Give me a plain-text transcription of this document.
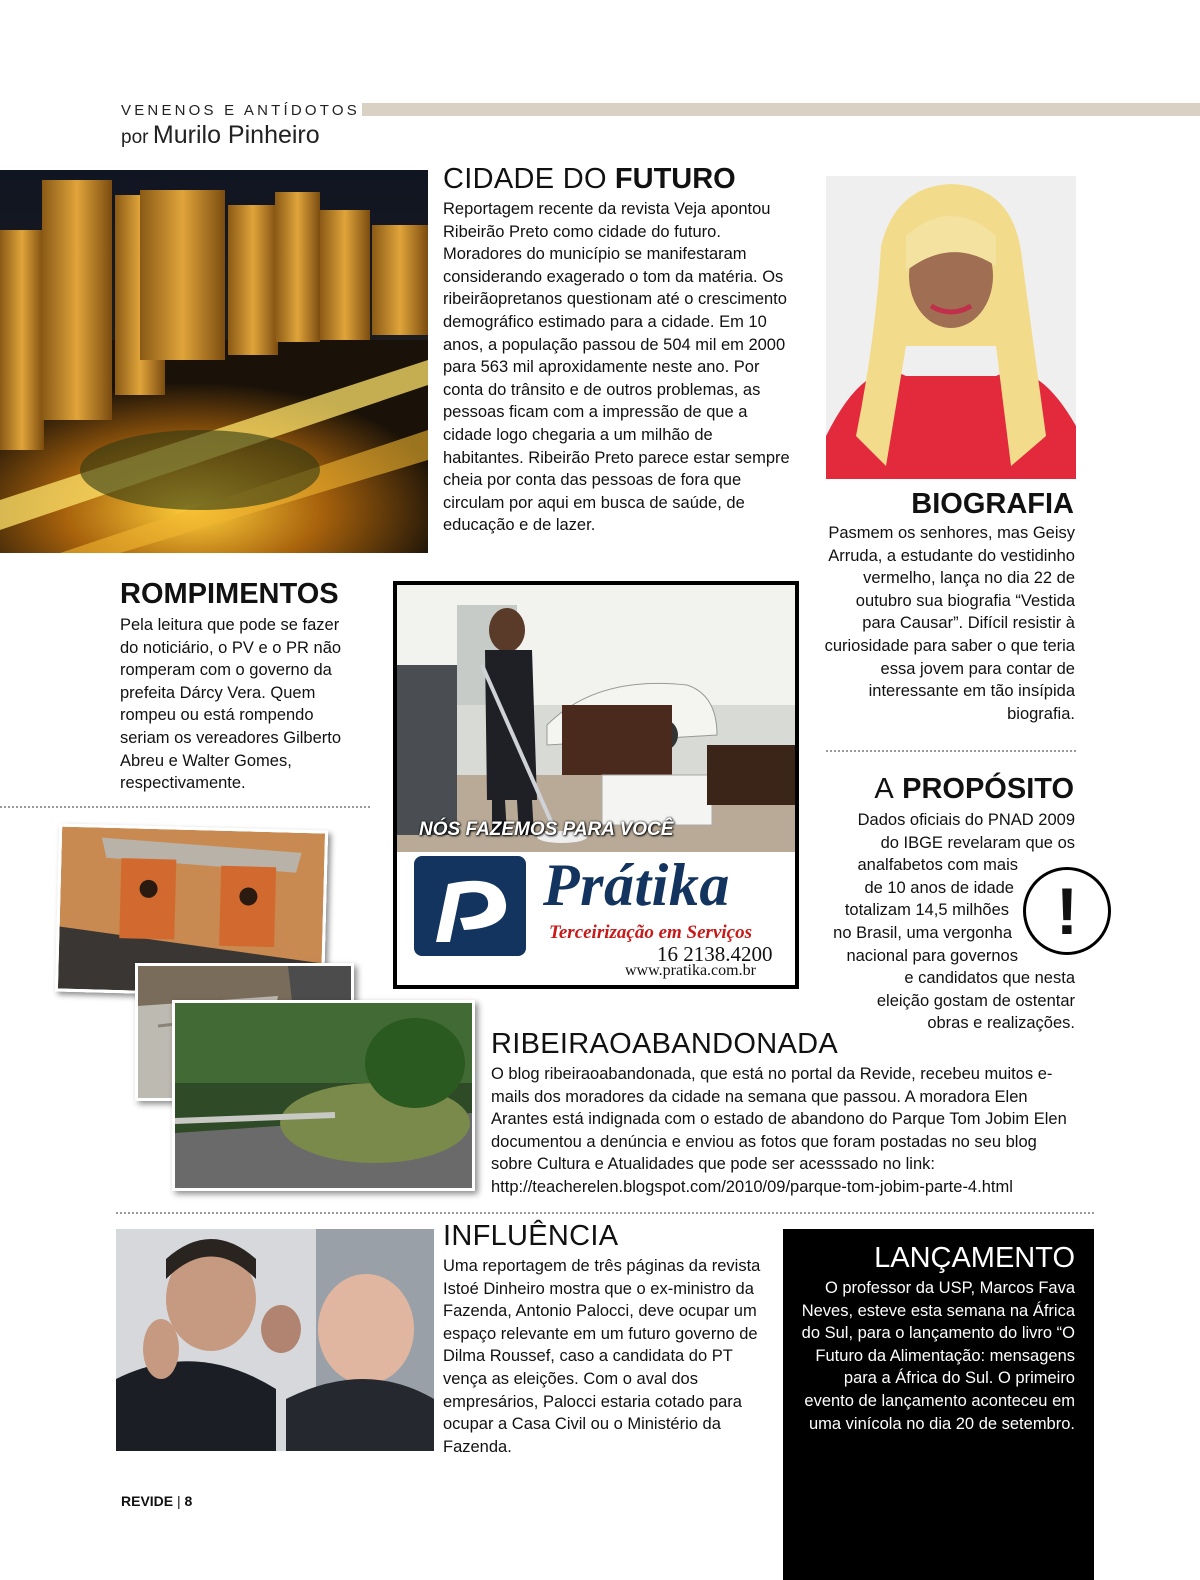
VENENOS E ANTÍDOTOS
por Murilo Pinheiro
CIDADE DO FUTURO
Reportagem recente da revista Veja apontou Ribeirão Preto como cidade do futuro. Moradores do município se manifestaram considerando exagerado o tom da matéria. Os ribeirãopretanos questionam até o crescimento demográfico estimado para a cidade. Em 10 anos, a população passou de 504 mil em 2000 para 563 mil aproxidamente neste ano. Por conta do trânsito e de outros problemas, as pessoas ficam com a impressão de que a cidade logo chegaria a um milhão de habitantes. Ribeirão Preto parece estar sempre cheia por conta das pessoas de fora que circulam por aqui em busca de saúde, de educação e de lazer.
BIOGRAFIA
Pasmem os senhores, mas Geisy Arruda, a estudante do vestidinho vermelho, lança no dia 22 de outubro sua biografia “Vestida para Causar”. Difícil resistir à curiosidade para saber o que teria essa jovem para contar de interessante em tão insípida biografia.
ROMPIMENTOS
Pela leitura que pode se fazer do noticiário, o PV e o PR não romperam com o governo da prefeita Dárcy Vera. Quem rompeu ou está rompendo seriam os vereadores Gilberto Abreu e Walter Gomes, respectivamente.
NÓS FAZEMOS PARA VOCÊ
Prátika
Terceirização em Serviços
16 2138.4200
www.pratika.com.br
A PROPÓSITO
Dados oficiais do PNAD 2009
do IBGE revelaram que os
analfabetos com mais
de 10 anos de idade
totalizam 14,5 milhões
no Brasil, uma vergonha
nacional para governos
e candidatos que nesta
eleição gostam de ostentar
obras e realizações.
!
RIBEIRAOABANDONADA
O blog ribeiraoabandonada, que está no portal da Revide, recebeu muitos e-mails dos moradores da cidade na semana que passou. A moradora Elen Arantes está indignada com o estado de abandono do Parque Tom Jobim Elen documentou a denúncia e enviou as fotos que foram postadas no seu blog sobre Cultura e Atualidades que pode ser acesssado no link: http://teacherelen.blogspot.com/2010/09/parque-tom-jobim-parte-4.html
INFLUÊNCIA
Uma reportagem de três páginas da revista Istoé Dinheiro mostra que o ex-ministro da Fazenda, Antonio Palocci, deve ocupar um espaço relevante em um futuro governo de Dilma Roussef, caso a candidata do PT vença as eleições. Com o aval dos empresários, Palocci estaria cotado para ocupar a Casa Civil ou o Ministério da Fazenda.
LANÇAMENTO
O professor da USP, Marcos Fava Neves, esteve esta semana na África do Sul, para o lançamento do livro “O Futuro da Alimentação: mensagens para a África do Sul. O primeiro evento de lançamento aconteceu em uma vinícola no dia 20 de setembro.
REVIDE | 8
